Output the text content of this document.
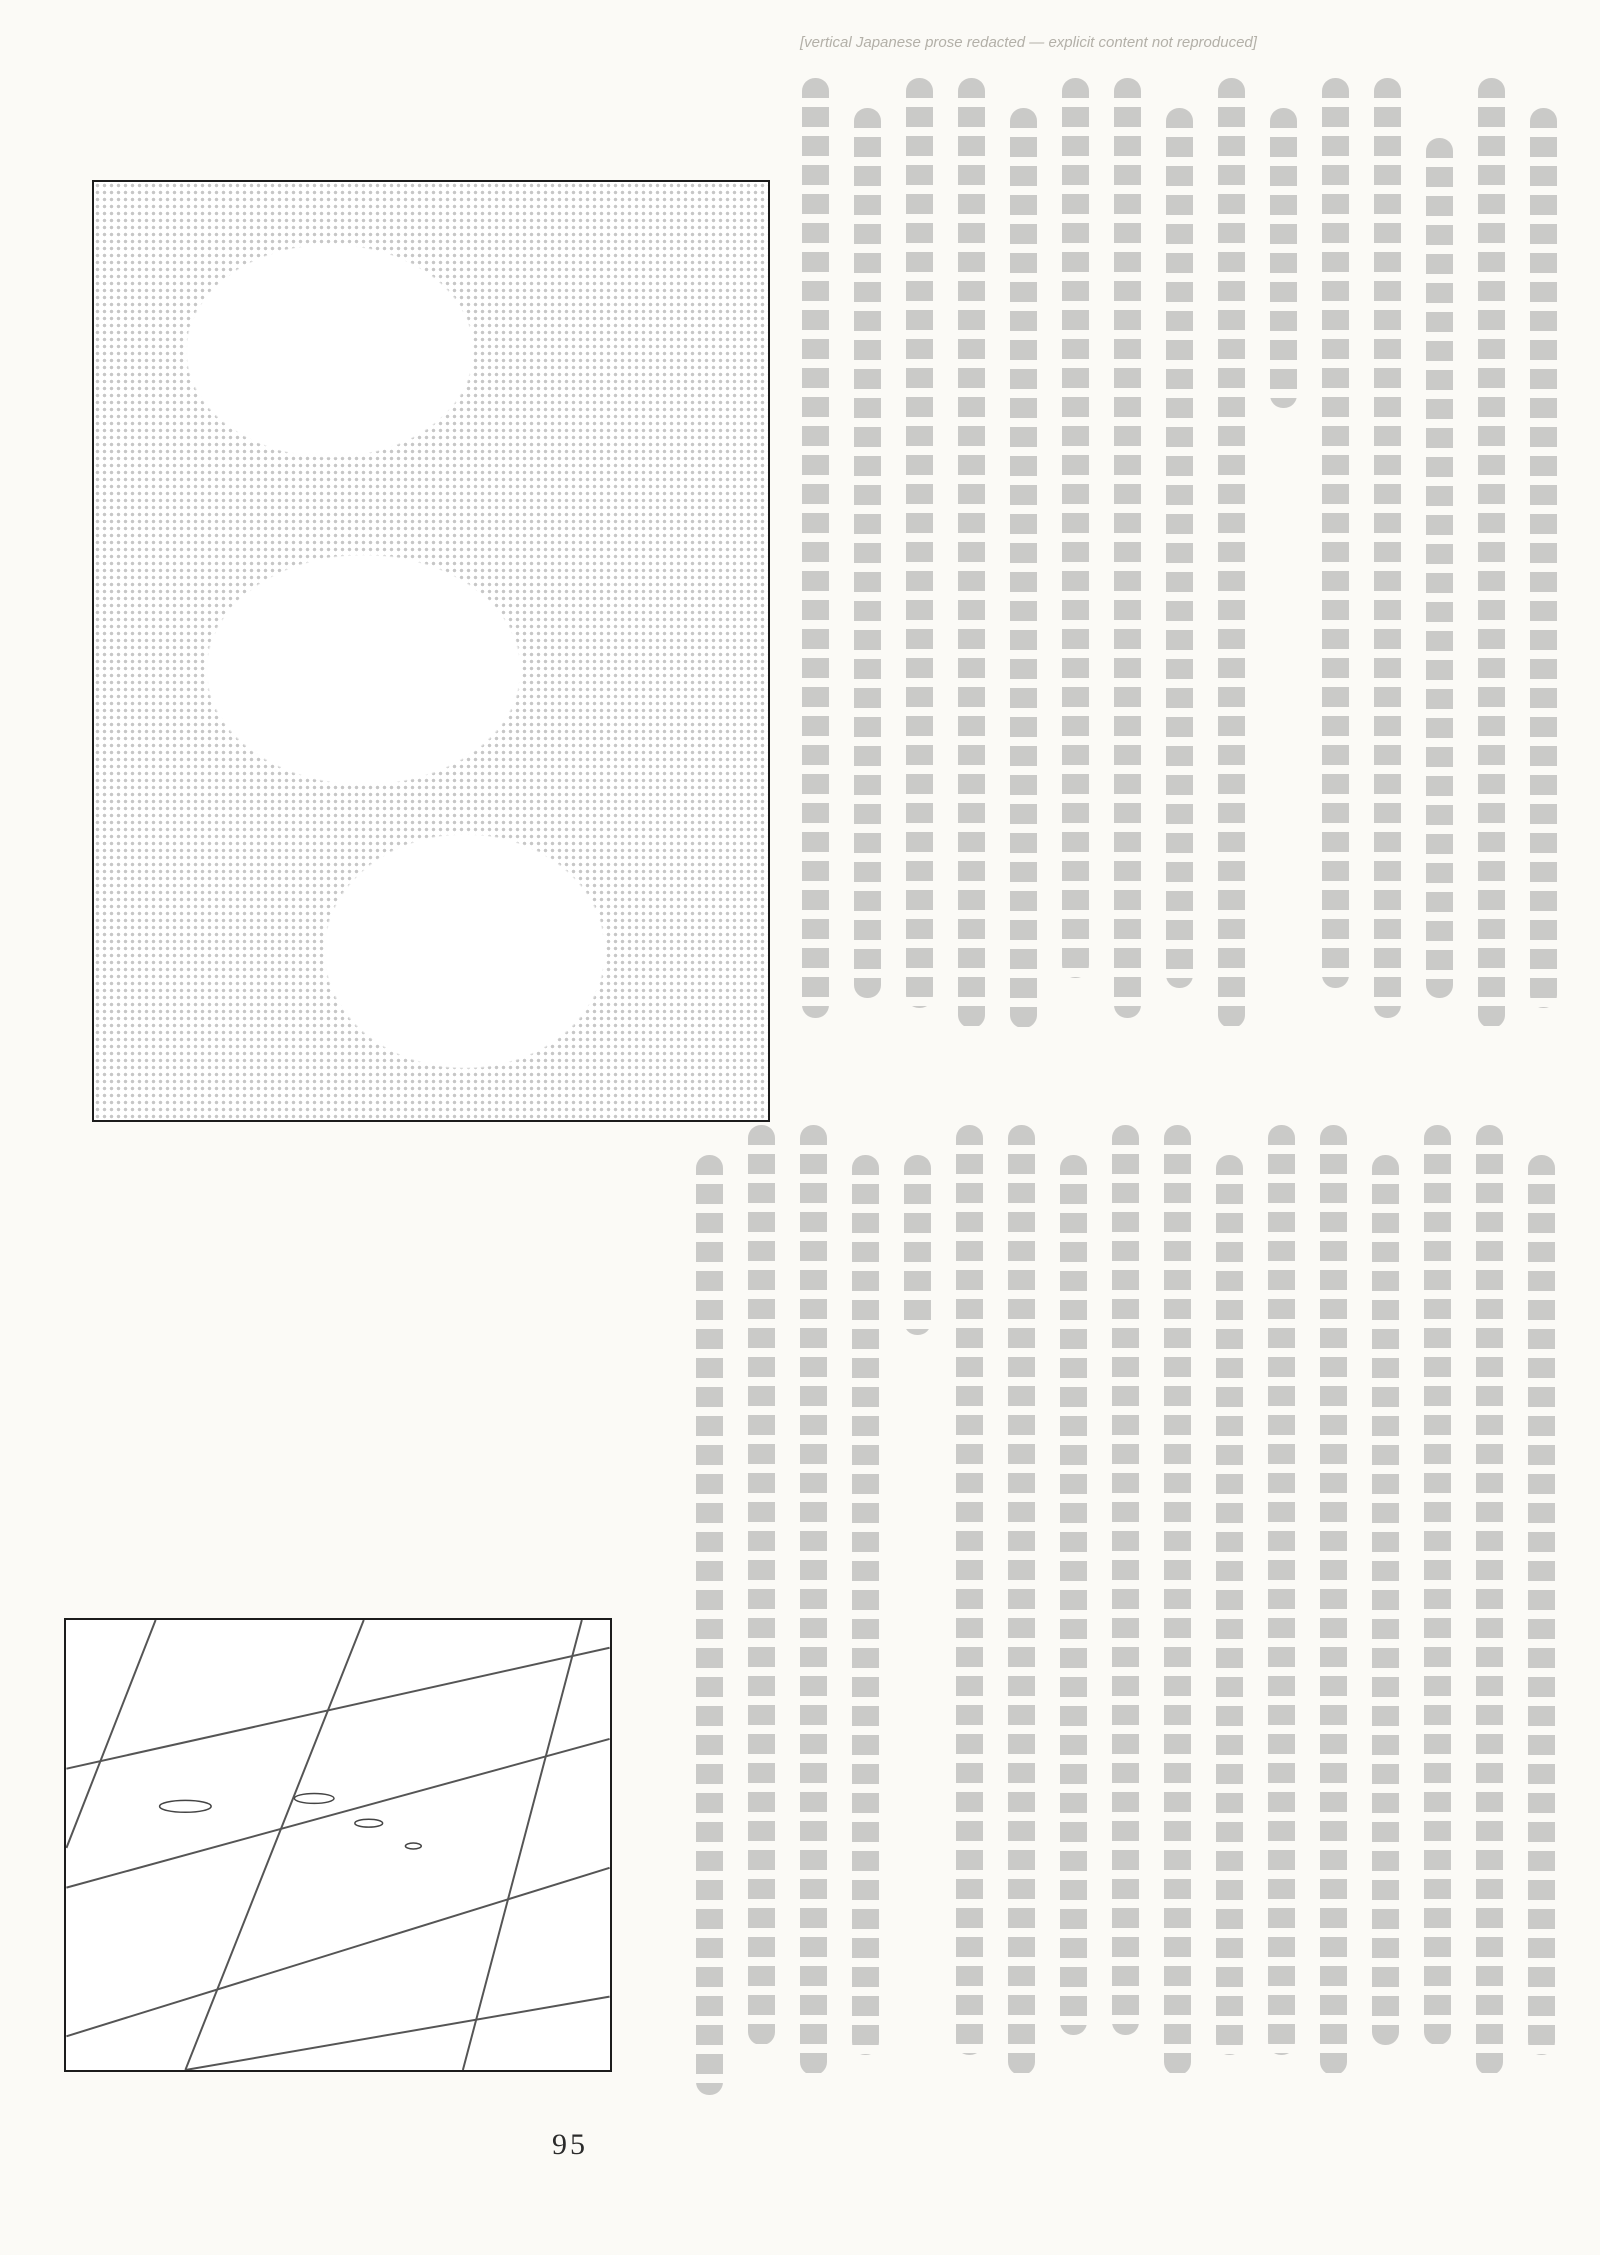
[vertical Japanese prose redacted — explicit content not reproduced]
95
